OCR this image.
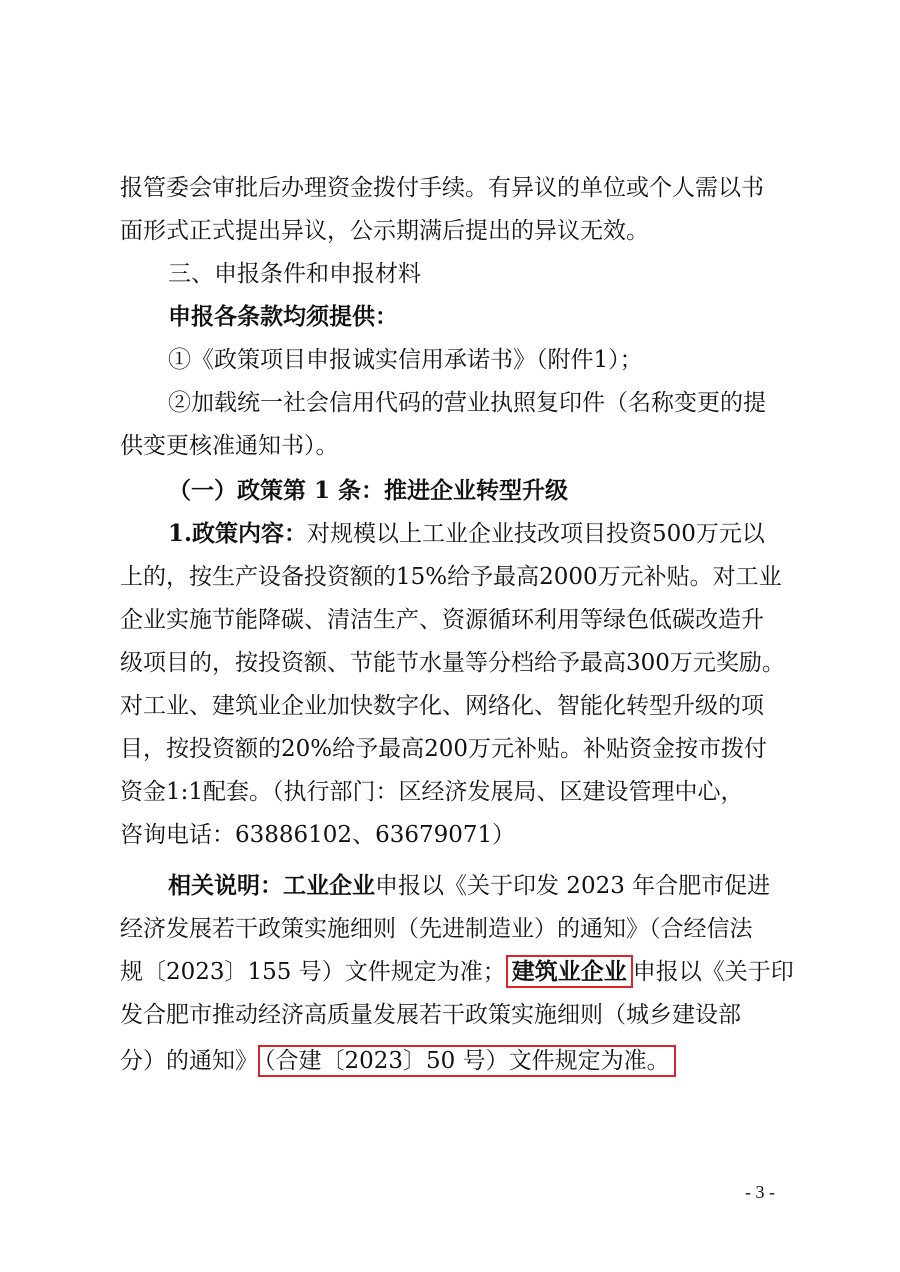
报管委会审批后办理资金拨付手续。有异议的单位或个人需以书
面形式正式提出异议，公示期满后提出的异议无效。
三、申报条件和申报材料
申报各条款均须提供：
①《政策项目申报诚实信用承诺书》（附件1）；
②加载统一社会信用代码的营业执照复印件（名称变更的提
供变更核准通知书）。
（一）政策第 1 条：推进企业转型升级
1.政策内容：对规模以上工业企业技改项目投资500万元以
上的，按生产设备投资额的15%给予最高2000万元补贴。对工业
企业实施节能降碳、清洁生产、资源循环利用等绿色低碳改造升
级项目的，按投资额、节能节水量等分档给予最高300万元奖励。
对工业、建筑业企业加快数字化、网络化、智能化转型升级的项
目，按投资额的20%给予最高200万元补贴。补贴资金按市拨付
资金1:1配套。（执行部门：区经济发展局、区建设管理中心，
咨询电话：63886102、63679071）
相关说明：工业企业申报以《关于印发 2023 年合肥市促进
经济发展若干政策实施细则（先进制造业）的通知》（合经信法
规〔2023〕155 号）文件规定为准； 建筑业企业 申报以《关于印
发合肥市推动经济高质量发展若干政策实施细则（城乡建设部
分）的通知》 （合建〔2023〕50 号）文件规定为准。
- 3 -
